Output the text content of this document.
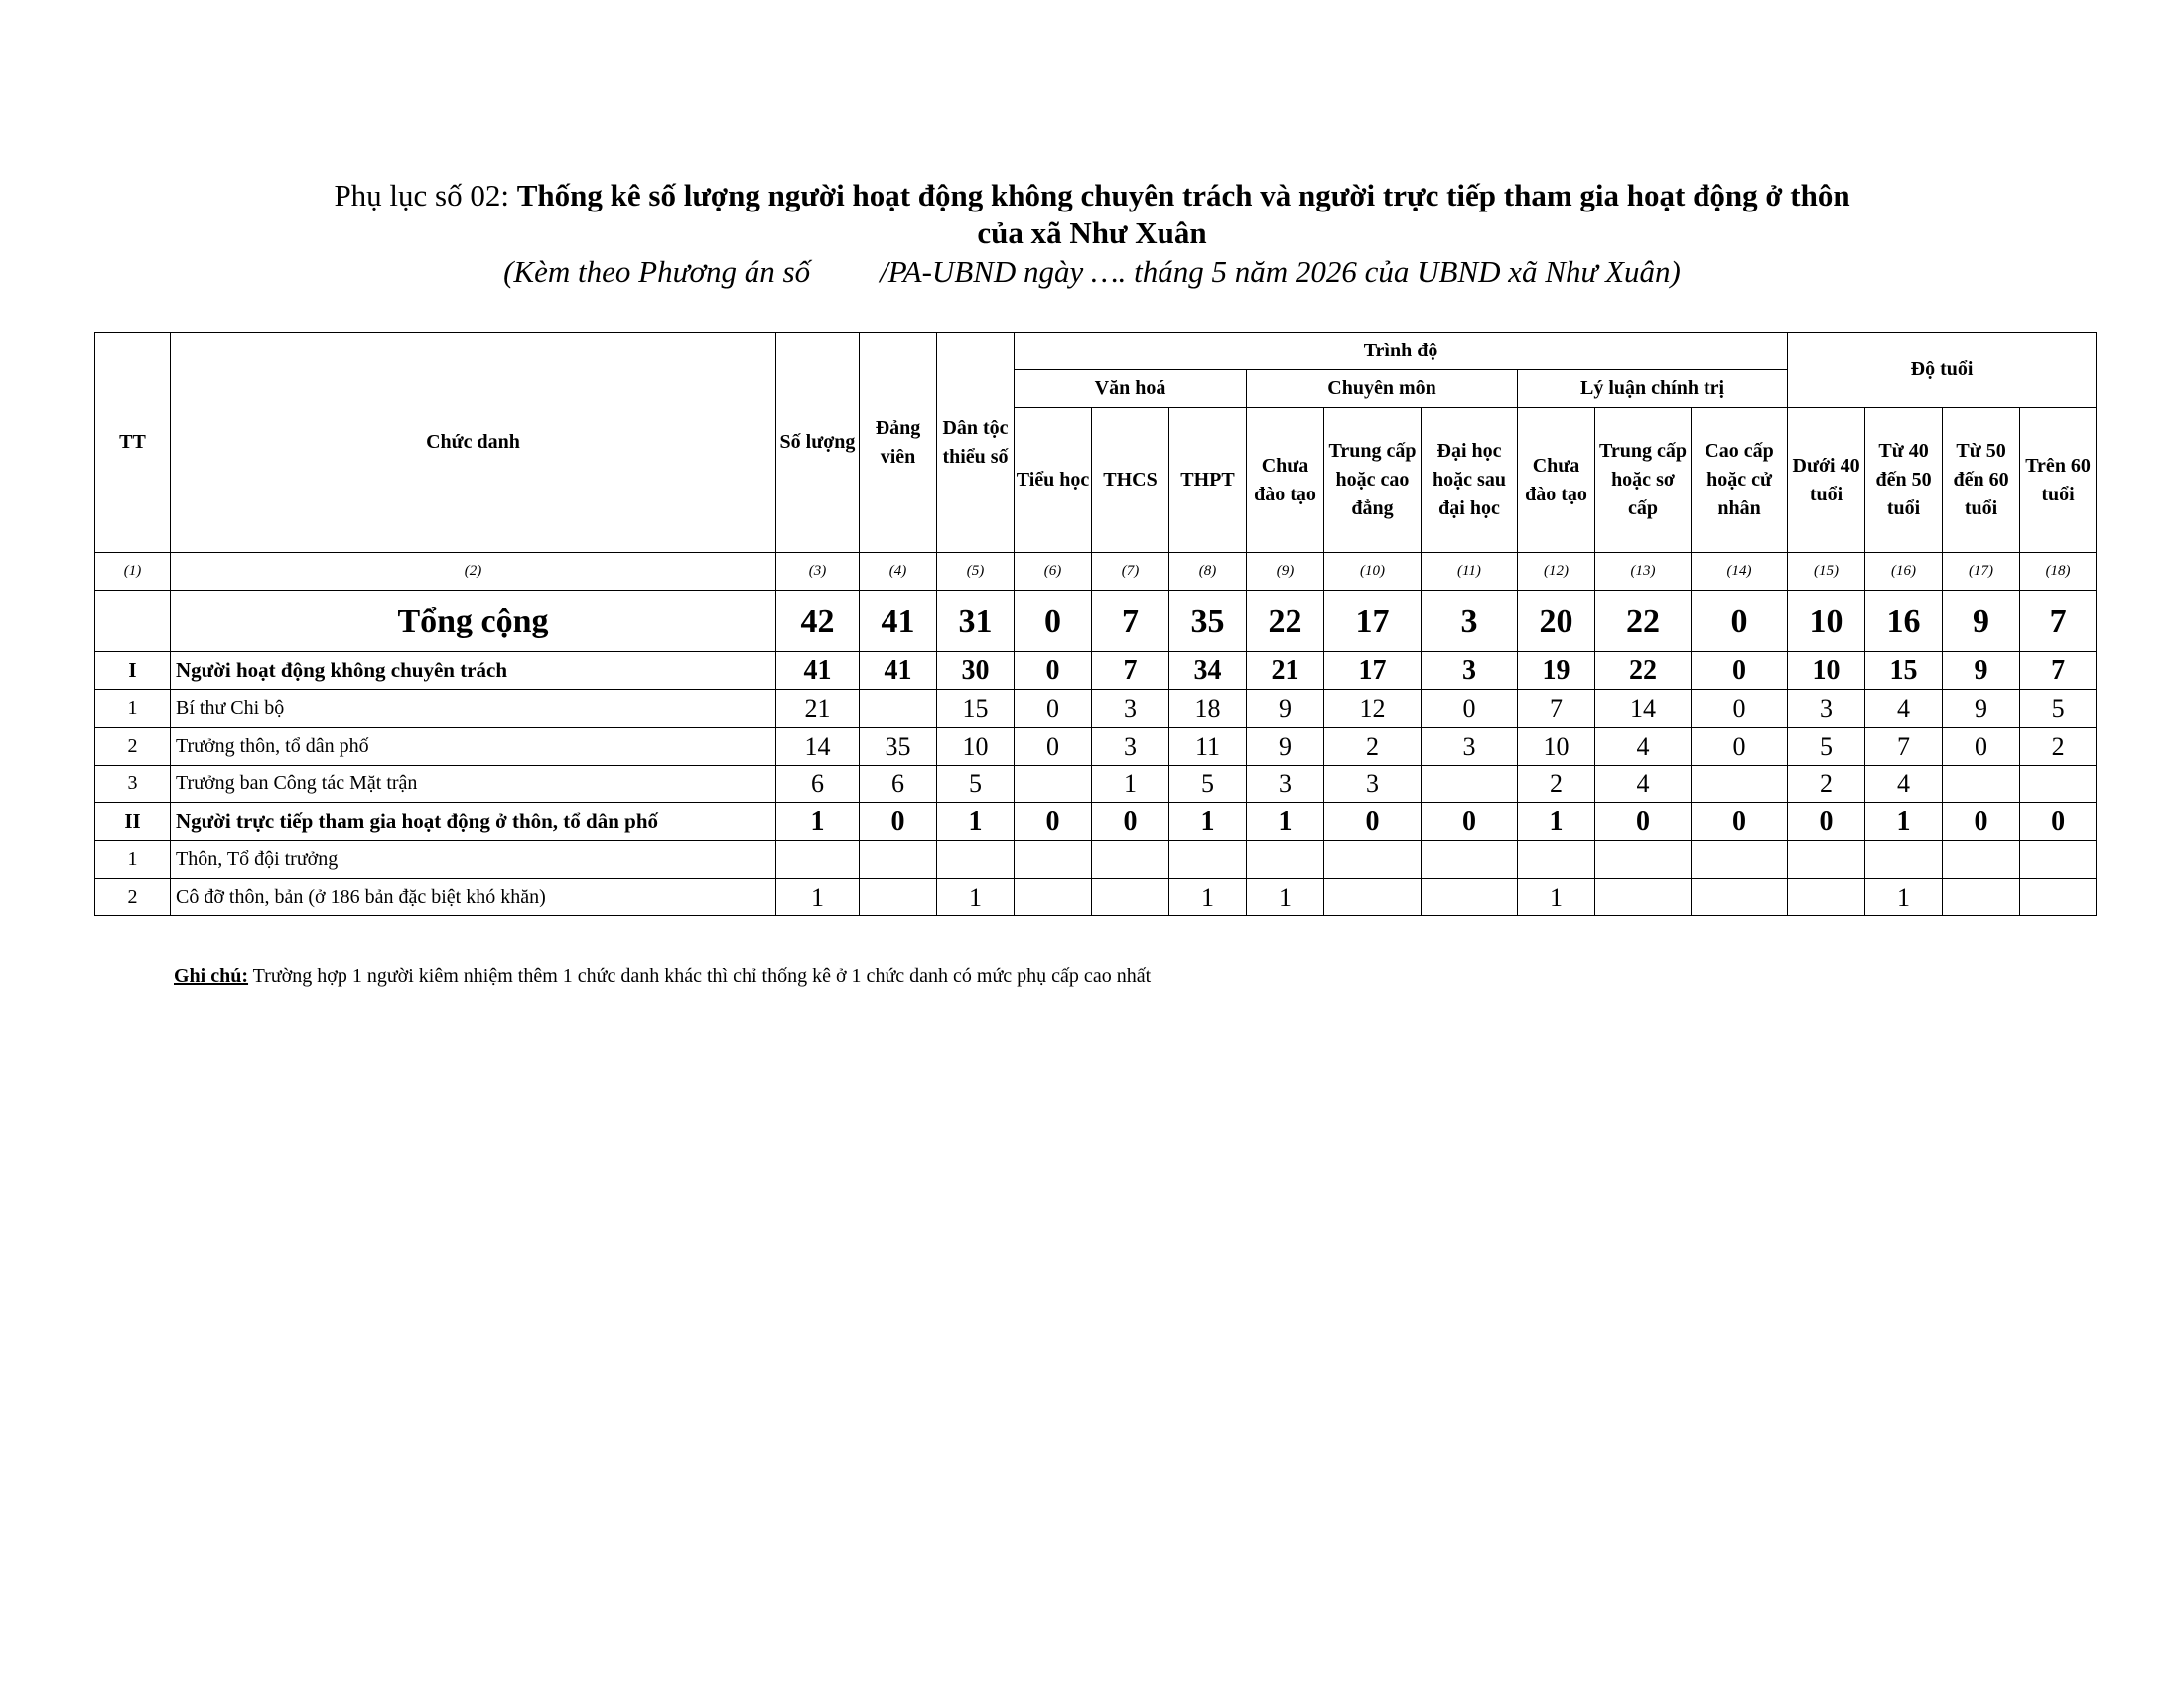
Phụ lục số 02: Thống kê số lượng người hoạt động không chuyên trách và người trực tiếp tham gia hoạt động ở thôn
của xã Như Xuân
(Kèm theo Phương án số /PA-UBND ngày …. tháng 5 năm 2026 của UBND xã Như Xuân)
TT	Chức danh	Số lượng	Đảng viên	Dân tộc thiểu số	Trình độ									Độ tuổi			
					Văn hoá			Chuyên môn			Lý luận chính trị						
					Tiểu học	THCS	THPT	Chưa đào tạo	Trung cấp hoặc cao đẳng	Đại học hoặc sau đại học	Chưa đào tạo	Trung cấp hoặc sơ cấp	Cao cấp hoặc cử nhân	Dưới 40 tuổi	Từ 40 đến 50 tuổi	Từ 50 đến 60 tuổi	Trên 60 tuổi
(1)	(2)	(3)	(4)	(5)	(6)	(7)	(8)	(9)	(10)	(11)	(12)	(13)	(14)	(15)	(16)	(17)	(18)
	Tổng cộng	42	41	31	0	7	35	22	17	3	20	22	0	10	16	9	7
I	Người hoạt động không chuyên trách	41	41	30	0	7	34	21	17	3	19	22	0	10	15	9	7
1	Bí thư Chi bộ	21		15	0	3	18	9	12	0	7	14	0	3	4	9	5
2	Trưởng thôn, tổ dân phố	14	35	10	0	3	11	9	2	3	10	4	0	5	7	0	2
3	Trưởng ban Công tác Mặt trận	6	6	5		1	5	3	3		2	4		2	4		
II	Người trực tiếp tham gia hoạt động ở thôn, tổ dân phố	1	0	1	0	0	1	1	0	0	1	0	0	0	1	0	0
1	Thôn, Tổ đội trưởng																
2	Cô đỡ thôn, bản (ở 186 bản đặc biệt khó khăn)	1		1			1	1			1				1		
Ghi chú: Trường hợp 1 người kiêm nhiệm thêm 1 chức danh khác thì chỉ thống kê ở 1 chức danh có mức phụ cấp cao nhất
